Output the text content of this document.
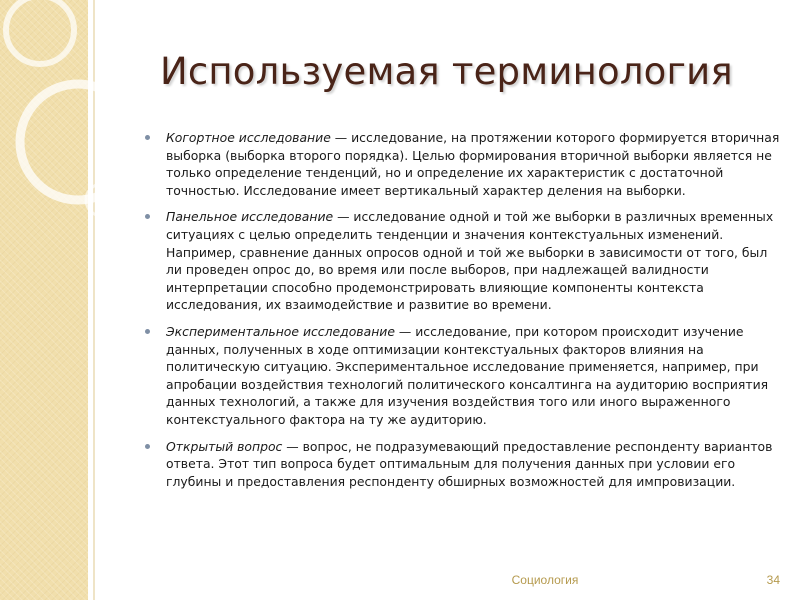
Используемая терминология
Когортное исследование — исследование, на протяжении которого формируется вторичная выборка (выборка второго порядка). Целью формирования вторичной выборки является не только определение тенденций, но и определение их характеристик с достаточной точностью. Исследование имеет вертикальный характер деления на выборки.
Панельное исследование — исследование одной и той же выборки в различных временных ситуациях с целью определить тенденции и значения контекстуальных изменений. Например, сравнение данных опросов одной и той же выборки в зависимости от того, был ли проведен опрос до, во время или после выборов, при надлежащей валидности интерпретации способно продемонстрировать влияющие компоненты контекста исследования, их взаимодействие и развитие во времени.
Экспериментальное исследование — исследование, при котором происходит изучение данных, полученных в ходе оптимизации контекстуальных факторов влияния на политическую ситуацию. Экспериментальное исследование применяется, например, при апробации воздействия технологий политического консалтинга на аудиторию восприятия данных технологий, а также для изучения воздействия того или иного выраженного контекстуального фактора на ту же аудиторию.
Открытый вопрос — вопрос, не подразумевающий предоставление респонденту вариантов ответа. Этот тип вопроса будет оптимальным для получения данных при условии его глубины и предоставления респонденту обширных возможностей для импровизации.
Социология	34
